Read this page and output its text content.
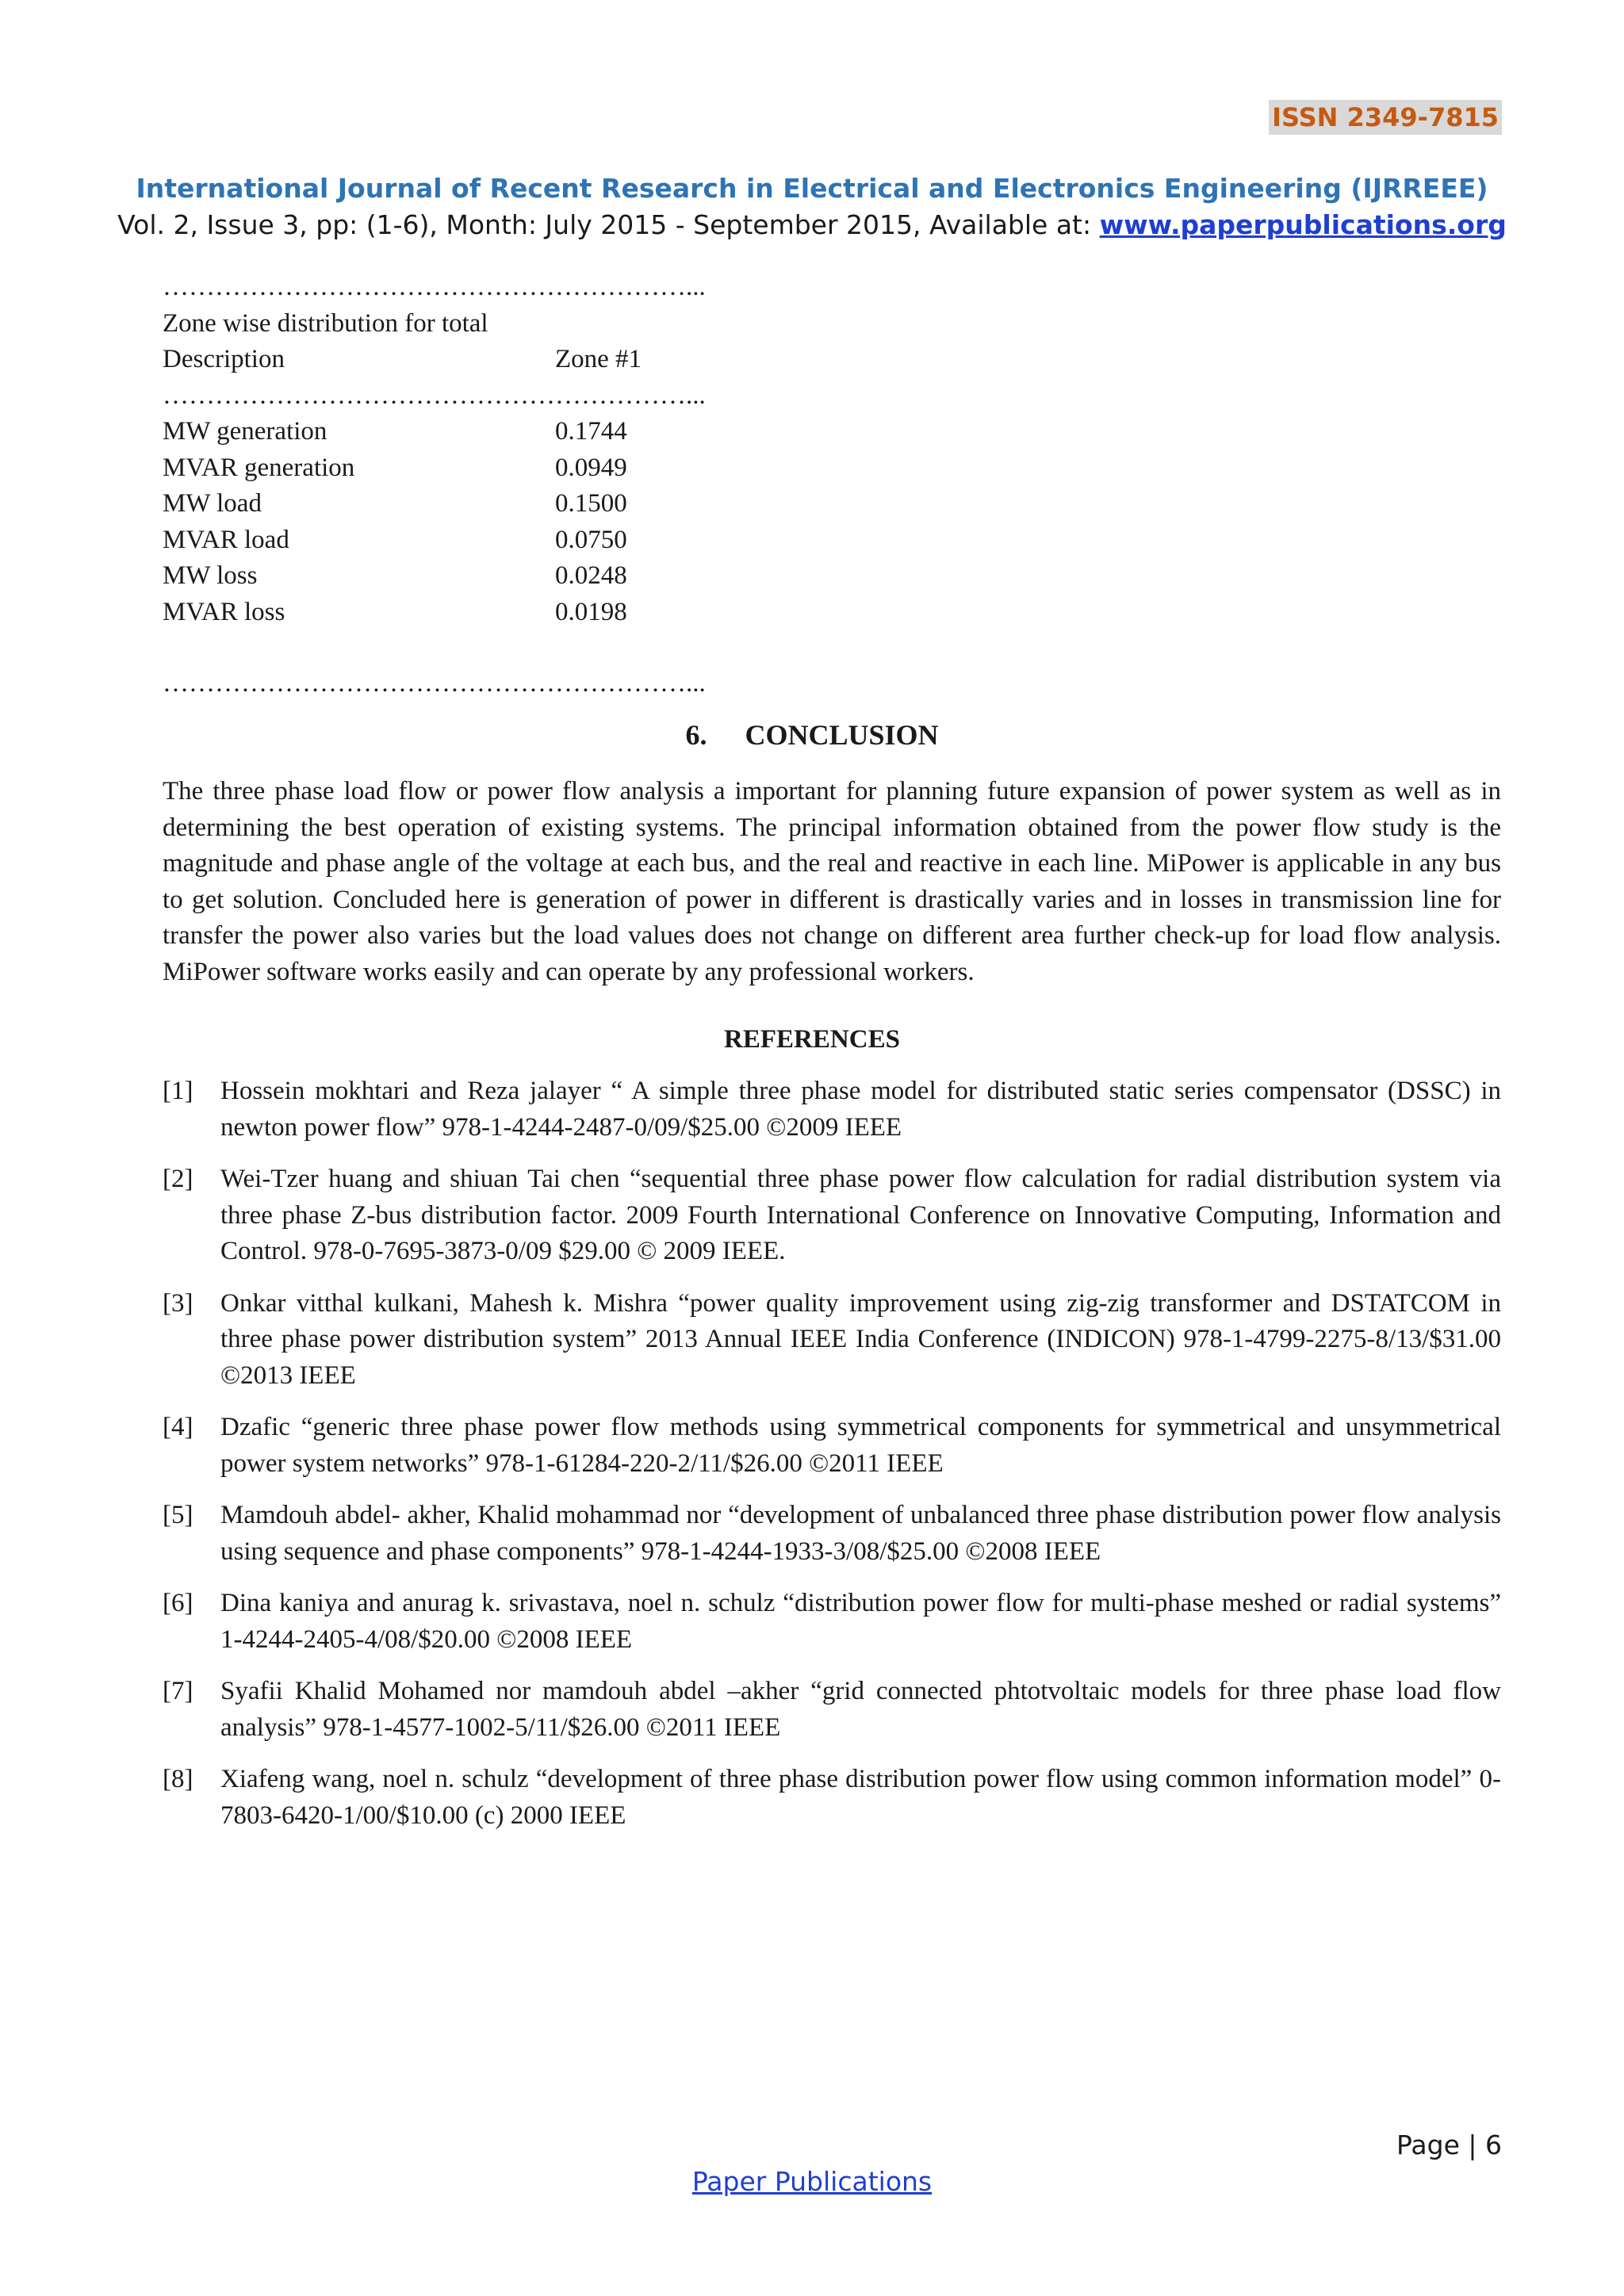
ISSN 2349-7815
International Journal of Recent Research in Electrical and Electronics Engineering (IJRREEE)
Vol. 2, Issue 3, pp: (1-6), Month: July 2015 - September 2015, Available at: www.paperpublications.org
……………………………………………………...
Zone wise distribution for total
Description	Zone #1
……………………………………………………...
MW generation	0.1744
MVAR generation	0.0949
MW load	0.1500
MVAR load	0.0750
MW loss	0.0248
MVAR loss	0.0198
……………………………………………………...
6. CONCLUSION

The three phase load flow or power flow analysis a important for planning future expansion of power system as well as in determining the best operation of existing systems. The principal information obtained from the power flow study is the magnitude and phase angle of the voltage at each bus, and the real and reactive in each line. MiPower is applicable in any bus to get solution. Concluded here is generation of power in different is drastically varies and in losses in transmission line for transfer the power also varies but the load values does not change on different area further check-up for load flow analysis. MiPower software works easily and can operate by any professional workers.

REFERENCES
[1] Hossein mokhtari and Reza jalayer “ A simple three phase model for distributed static series compensator (DSSC) in newton power flow” 978-1-4244-2487-0/09/$25.00 ©2009 IEEE
[2] Wei-Tzer huang and shiuan Tai chen “sequential three phase power flow calculation for radial distribution system via three phase Z-bus distribution factor. 2009 Fourth International Conference on Innovative Computing, Information and Control. 978-0-7695-3873-0/09 $29.00 © 2009 IEEE.
[3] Onkar vitthal kulkani, Mahesh k. Mishra “power quality improvement using zig-zig transformer and DSTATCOM in three phase power distribution system” 2013 Annual IEEE India Conference (INDICON) 978-1-4799-2275-8/13/$31.00 ©2013 IEEE
[4] Dzafic “generic three phase power flow methods using symmetrical components for symmetrical and unsymmetrical power system networks” 978-1-61284-220-2/11/$26.00 ©2011 IEEE
[5] Mamdouh abdel- akher, Khalid mohammad nor “development of unbalanced three phase distribution power flow analysis using sequence and phase components” 978-1-4244-1933-3/08/$25.00 ©2008 IEEE
[6] Dina kaniya and anurag k. srivastava, noel n. schulz “distribution power flow for multi-phase meshed or radial systems” 1-4244-2405-4/08/$20.00 ©2008 IEEE
[7] Syafii Khalid Mohamed nor mamdouh abdel –akher “grid connected phtotvoltaic models for three phase load flow analysis” 978-1-4577-1002-5/11/$26.00 ©2011 IEEE
[8] Xiafeng wang, noel n. schulz “development of three phase distribution power flow using common information model” 0-7803-6420-1/00/$10.00 (c) 2000 IEEE
Page | 6
Paper Publications
